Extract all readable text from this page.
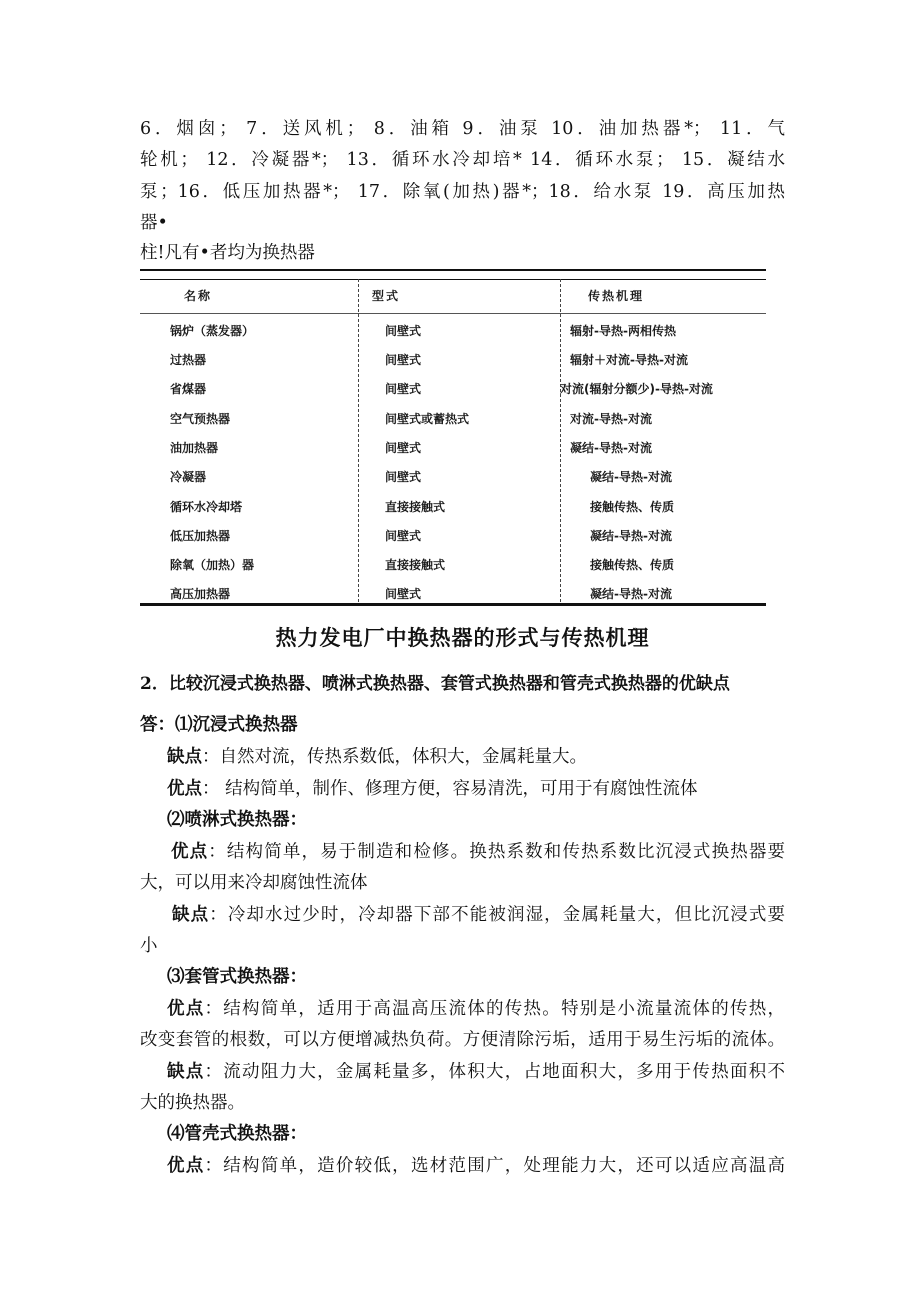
6．烟囱； 7．送风机； 8．油箱 9．油泵 10．油加热器*； 11．气

轮机； 12．冷凝器*； 13．循环水冷却培* 14．循环水泵； 15．凝结水

泵；16．低压加热器*； 17．除氧(加热)器*；18．给水泵 19．高压加热

器•

柱!凡有•者均为换热器

名称	型式	传热机理
锅炉（蒸发器）	间壁式	辐射-导热-两相传热
过热器	间壁式	辐射＋对流-导热-对流
省煤器	间壁式	对流(辐射分额少)-导热-对流
空气预热器	间壁式或蓄热式	对流-导热-对流
油加热器	间壁式	凝结-导热-对流
冷凝器	间壁式	凝结-导热-对流
循环水冷却塔	直接接触式	接触传热、传质
低压加热器	间壁式	凝结-导热-对流
除氧（加热）器	直接接触式	接触传热、传质
高压加热器	间壁式	凝结-导热-对流

热力发电厂中换热器的形式与传热机理

2．比较沉浸式换热器、喷淋式换热器、套管式换热器和管壳式换热器的优缺点

答：⑴沉浸式换热器

缺点：自然对流，传热系数低，体积大，金属耗量大。

优点： 结构简单，制作、修理方便，容易清洗，可用于有腐蚀性流体

⑵喷淋式换热器：

优点：结构简单，易于制造和检修。换热系数和传热系数比沉浸式换热器要

大，可以用来冷却腐蚀性流体

缺点：冷却水过少时，冷却器下部不能被润湿，金属耗量大，但比沉浸式要

小

⑶套管式换热器：

优点：结构简单，适用于高温高压流体的传热。特别是小流量流体的传热，

改变套管的根数，可以方便增减热负荷。方便清除污垢，适用于易生污垢的流体。

缺点：流动阻力大，金属耗量多，体积大，占地面积大，多用于传热面积不

大的换热器。

⑷管壳式换热器：

优点：结构简单，造价较低，选材范围广，处理能力大，还可以适应高温高
